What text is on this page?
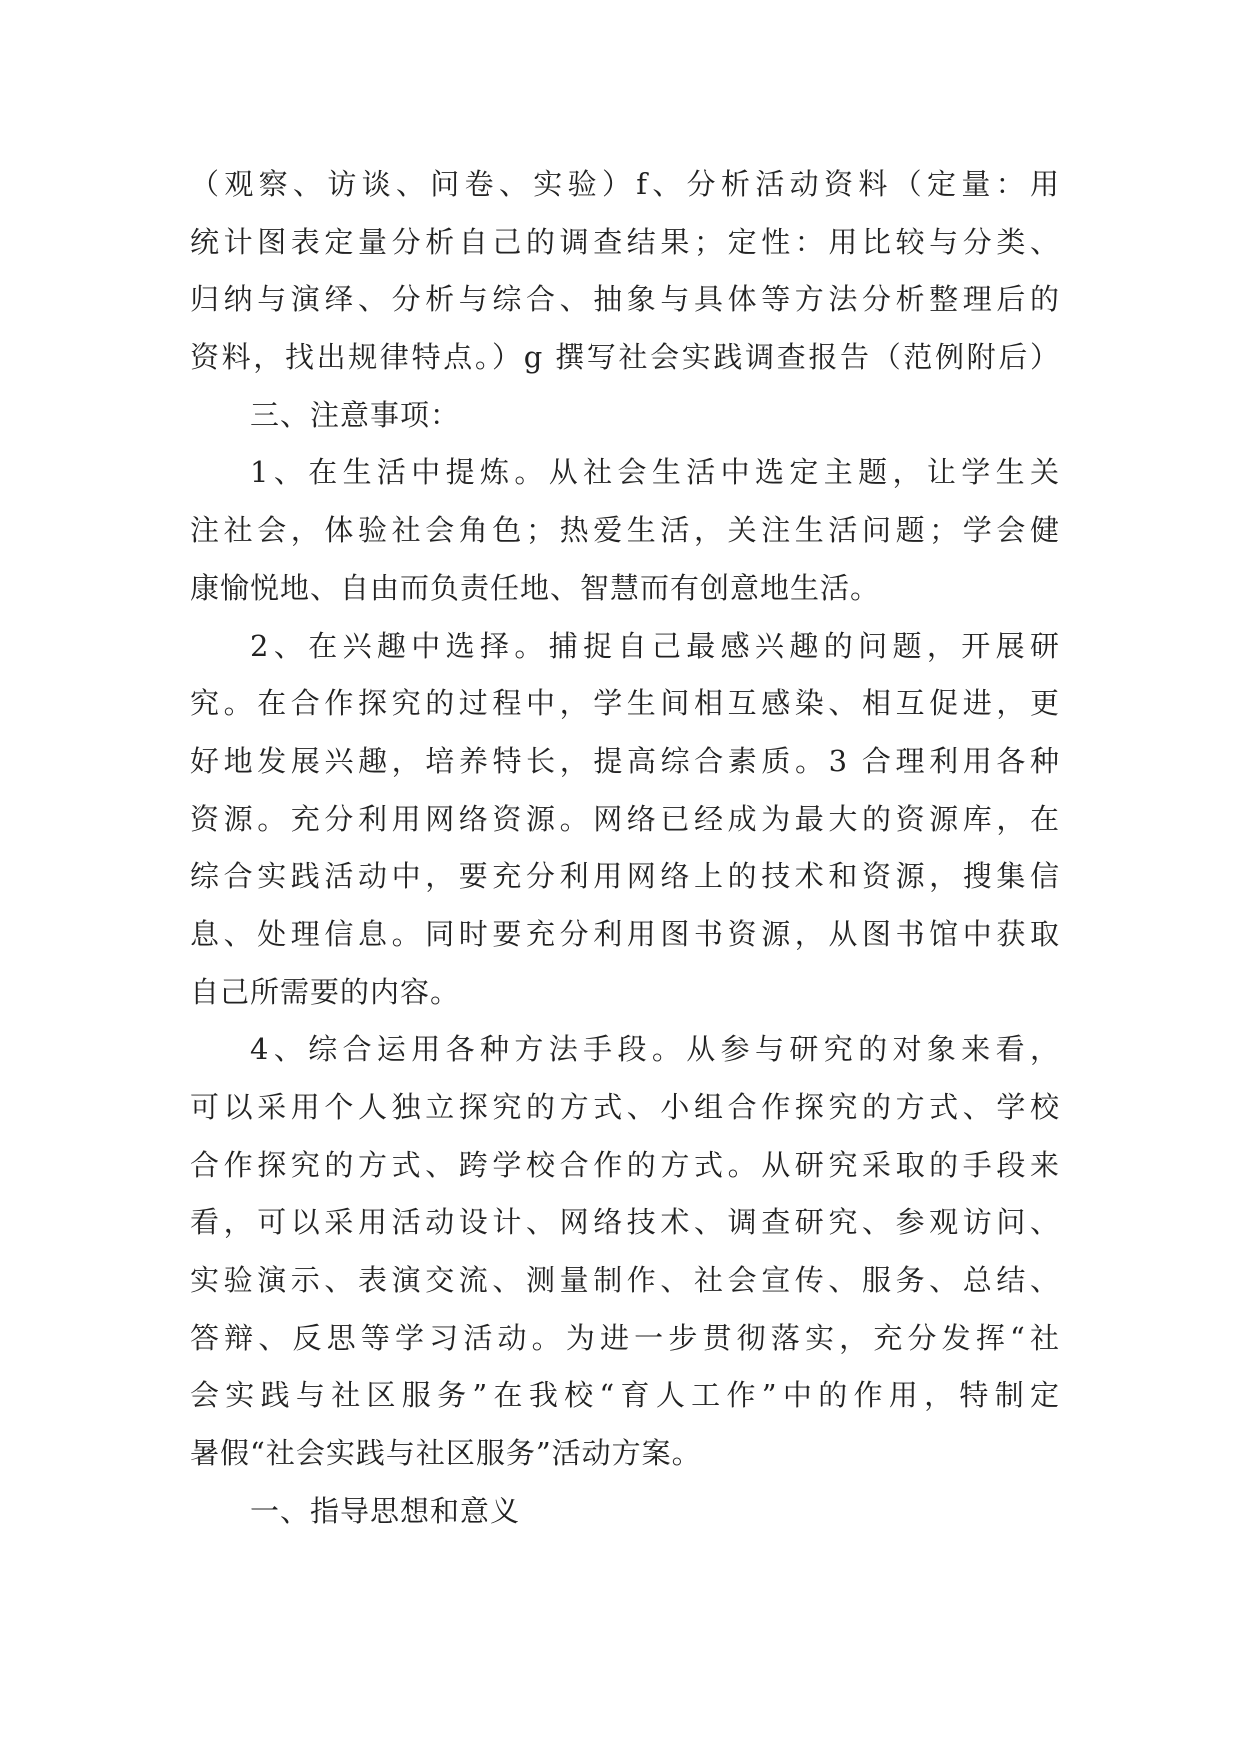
（观察、访谈、问卷、实验）f、分析活动资料（定量：用
统计图表定量分析自己的调查结果；定性：用比较与分类、
归纳与演绎、分析与综合、抽象与具体等方法分析整理后的
资料，找出规律特点。）g 撰写社会实践调查报告（范例附后）
三、注意事项：
1、在生活中提炼。从社会生活中选定主题，让学生关
注社会，体验社会角色；热爱生活，关注生活问题；学会健
康愉悦地、自由而负责任地、智慧而有创意地生活。
2、在兴趣中选择。捕捉自己最感兴趣的问题，开展研
究。在合作探究的过程中，学生间相互感染、相互促进，更
好地发展兴趣，培养特长，提高综合素质。3 合理利用各种
资源。充分利用网络资源。网络已经成为最大的资源库，在
综合实践活动中，要充分利用网络上的技术和资源，搜集信
息、处理信息。同时要充分利用图书资源，从图书馆中获取
自己所需要的内容。
4、综合运用各种方法手段。从参与研究的对象来看，
可以采用个人独立探究的方式、小组合作探究的方式、学校
合作探究的方式、跨学校合作的方式。从研究采取的手段来
看，可以采用活动设计、网络技术、调查研究、参观访问、
实验演示、表演交流、测量制作、社会宣传、服务、总结、
答辩、反思等学习活动。为进一步贯彻落实，充分发挥“社
会实践与社区服务”在我校“育人工作”中的作用，特制定
暑假“社会实践与社区服务”活动方案。
一、指导思想和意义
